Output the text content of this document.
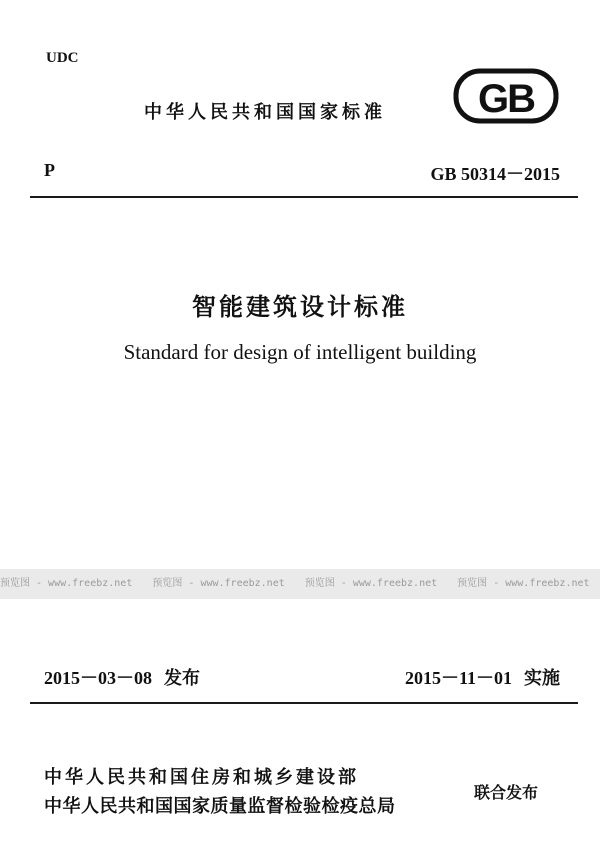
UDC
中华人民共和国国家标准 GB
P	GB 50314－2015
智能建筑设计标准
Standard for design of intelligent building
预览图 - www.freebz.net 预览图 - www.freebz.net 预览图 - www.freebz.net 预览图 - www.freebz.net
2015－03－08 发布	2015－11－01 实施
中华人民共和国住房和城乡建设部
中华人民共和国国家质量监督检验检疫总局
联合发布
